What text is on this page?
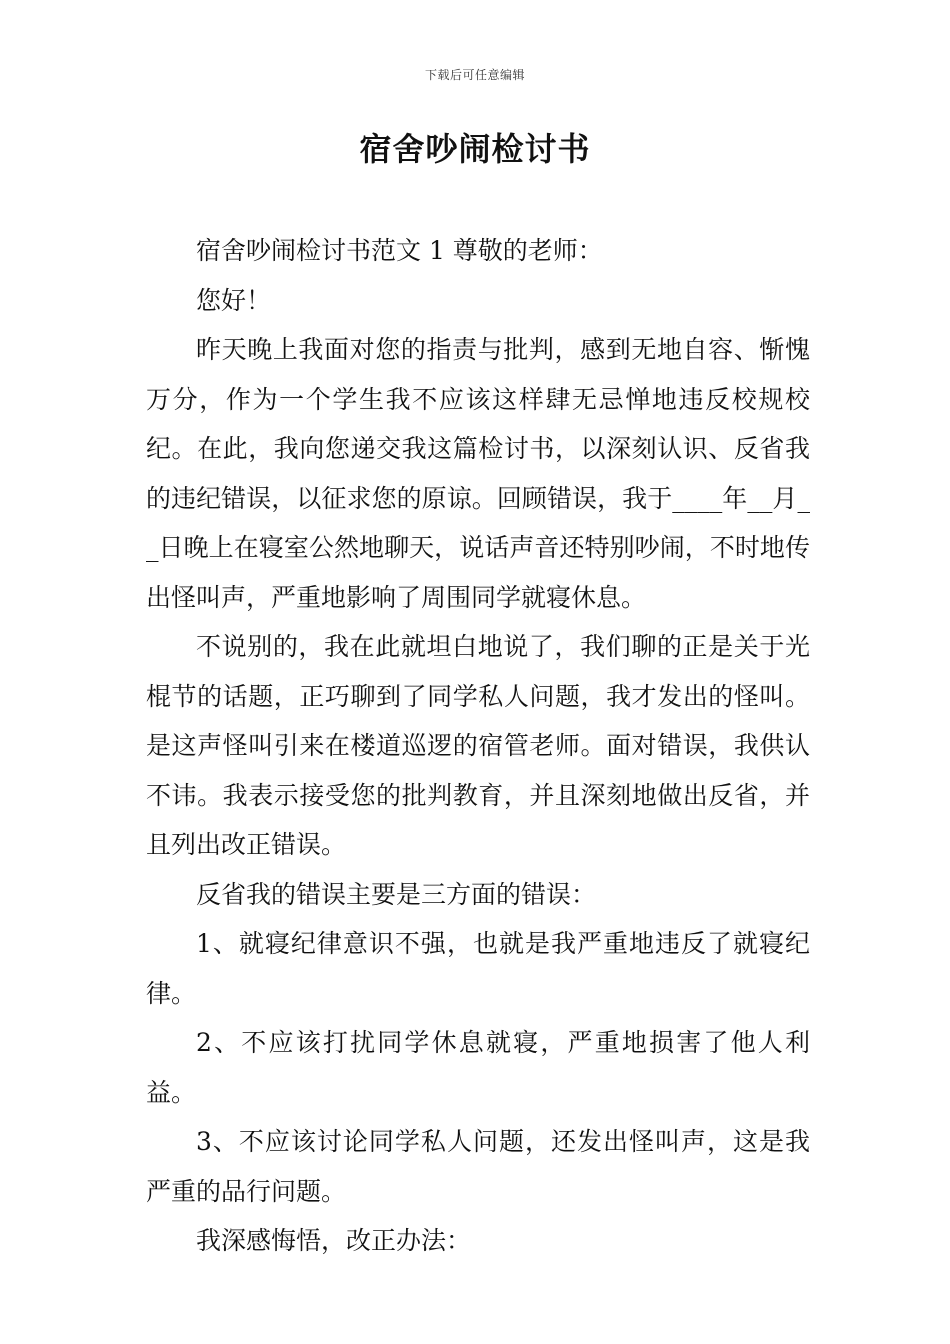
下载后可任意编辑
宿舍吵闹检讨书

宿舍吵闹检讨书范文 1 尊敬的老师：

您好！

昨天晚上我面对您的指责与批判，感到无地自容、惭愧万分，作为一个学生我不应该这样肆无忌惮地违反校规校纪。在此，我向您递交我这篇检讨书，以深刻认识、反省我的违纪错误，以征求您的原谅。回顾错误，我于____年__月__日晚上在寝室公然地聊天，说话声音还特别吵闹，不时地传出怪叫声，严重地影响了周围同学就寝休息。

不说别的，我在此就坦白地说了，我们聊的正是关于光棍节的话题，正巧聊到了同学私人问题，我才发出的怪叫。是这声怪叫引来在楼道巡逻的宿管老师。面对错误，我供认不讳。我表示接受您的批判教育，并且深刻地做出反省，并且列出改正错误。

反省我的错误主要是三方面的错误：

1、就寝纪律意识不强，也就是我严重地违反了就寝纪律。

2、不应该打扰同学休息就寝，严重地损害了他人利益。

3、不应该讨论同学私人问题，还发出怪叫声，这是我严重的品行问题。

我深感悔悟，改正办法：
